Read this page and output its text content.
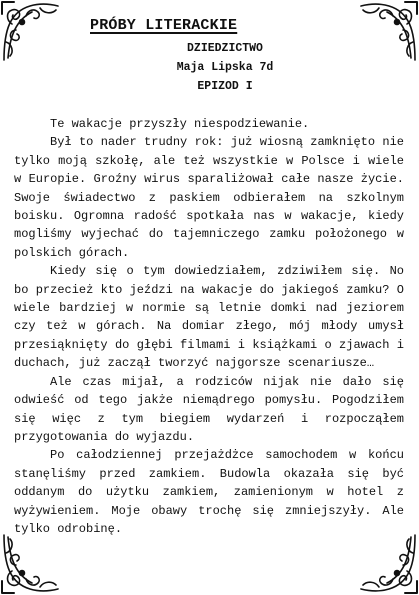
PRÓBY LITERACKIE
DZIEDZICTWO
Maja Lipska 7d
EPIZOD I

Te wakacje przyszły niespodziewanie.

Był to nader trudny rok: już wiosną zamknięto nie tylko moją szkołę, ale też wszystkie w Polsce i wiele w Europie. Groźny wirus sparaliżował całe nasze życie. Swoje świadectwo z paskiem odbierałem na szkolnym boisku. Ogromna radość spotkała nas w wakacje, kiedy mogliśmy wyjechać do tajemniczego zamku położonego w polskich górach.

Kiedy się o tym dowiedziałem, zdziwiłem się. No bo przecież kto jeździ na wakacje do jakiegoś zamku? O wiele bardziej w normie są letnie domki nad jeziorem czy też w górach. Na domiar złego, mój młody umysł przesiąknięty do głębi filmami i książkami o zjawach i duchach, już zaczął tworzyć najgorsze scenariusze…

Ale czas mijał, a rodziców nijak nie dało się odwieść od tego jakże niemądrego pomysłu. Pogodziłem się więc z tym biegiem wydarzeń i rozpocząłem przygotowania do wyjazdu.

Po całodziennej przejażdżce samochodem w końcu stanęliśmy przed zamkiem. Budowla okazała się być oddanym do użytku zamkiem, zamienionym w hotel z wyżywieniem. Moje obawy trochę się zmniejszyły. Ale tylko odrobinę.
